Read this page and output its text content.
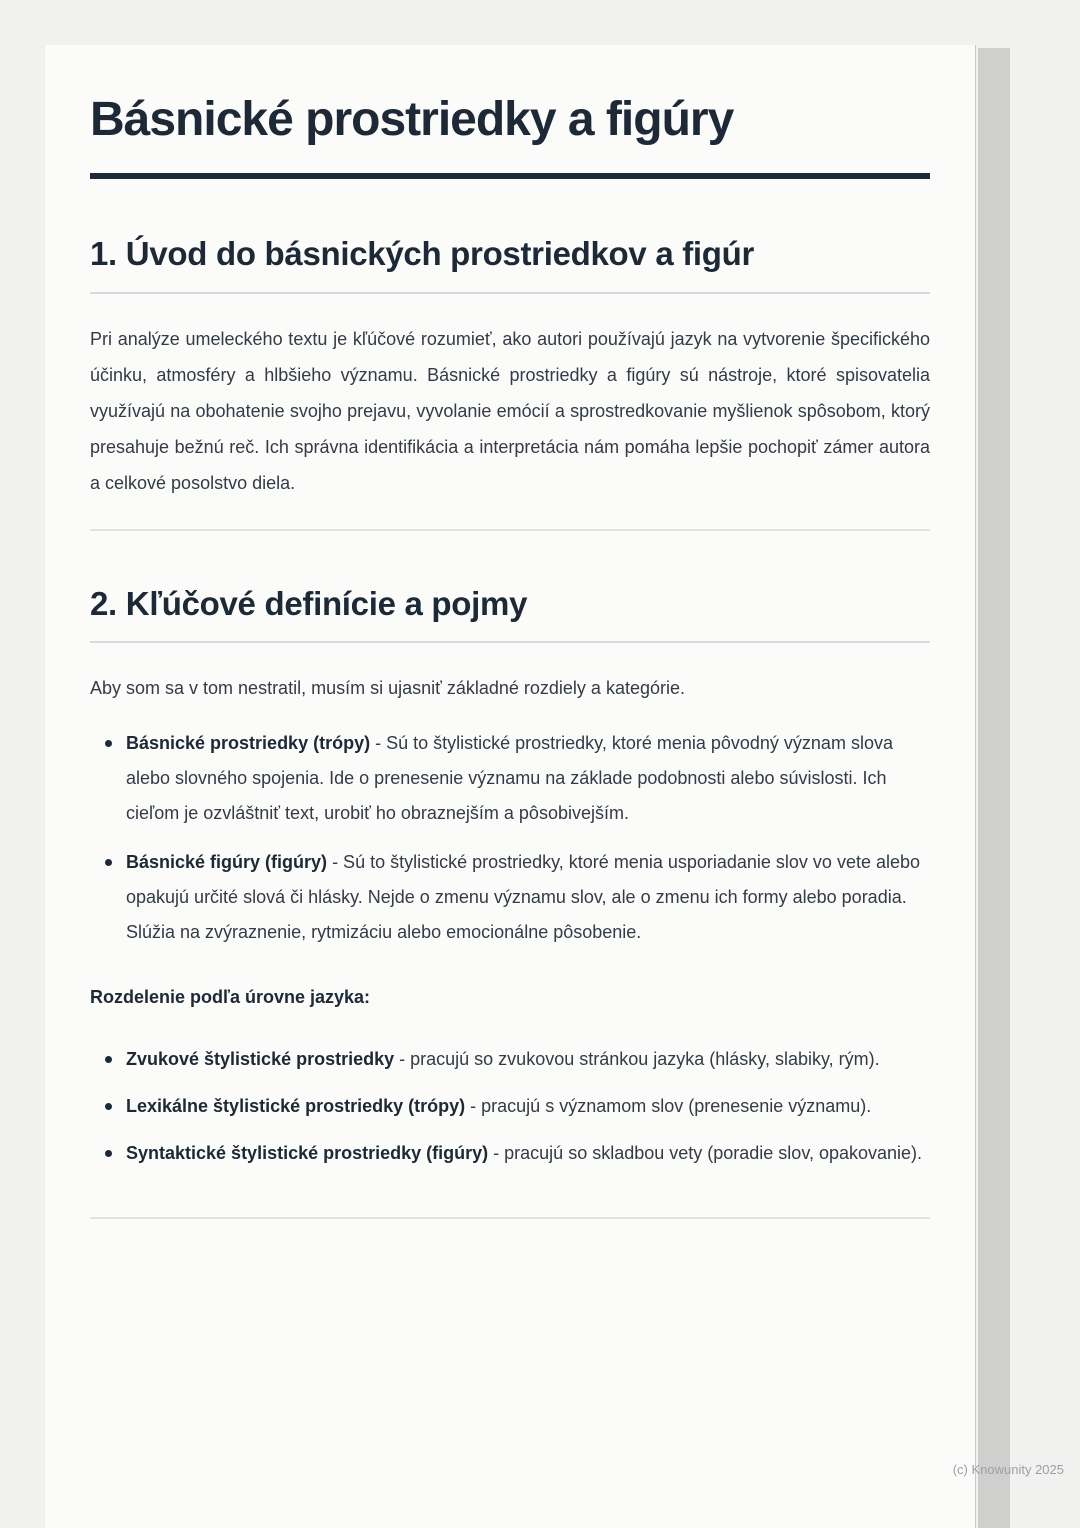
Básnické prostriedky a figúry
1. Úvod do básnických prostriedkov a figúr

Pri analýze umeleckého textu je kľúčové rozumieť, ako autori používajú jazyk na vytvorenie špecifického účinku, atmosféry a hlbšieho významu. Básnické prostriedky a figúry sú nástroje, ktoré spisovatelia využívajú na obohatenie svojho prejavu, vyvolanie emócií a sprostredkovanie myšlienok spôsobom, ktorý presahuje bežnú reč. Ich správna identifikácia a interpretácia nám pomáha lepšie pochopiť zámer autora a celkové posolstvo diela.

2. Kľúčové definície a pojmy

Aby som sa v tom nestratil, musím si ujasniť základné rozdiely a kategórie.

Básnické prostriedky (trópy) - Sú to štylistické prostriedky, ktoré menia pôvodný význam slova alebo slovného spojenia. Ide o prenesenie významu na základe podobnosti alebo súvislosti. Ich cieľom je ozvláštniť text, urobiť ho obraznejším a pôsobivejším.
Básnické figúry (figúry) - Sú to štylistické prostriedky, ktoré menia usporiadanie slov vo vete alebo opakujú určité slová či hlásky. Nejde o zmenu významu slov, ale o zmenu ich formy alebo poradia. Slúžia na zvýraznenie, rytmizáciu alebo emocionálne pôsobenie.

Rozdelenie podľa úrovne jazyka:

Zvukové štylistické prostriedky - pracujú so zvukovou stránkou jazyka (hlásky, slabiky, rým).
Lexikálne štylistické prostriedky (trópy) - pracujú s významom slov (prenesenie významu).
Syntaktické štylistické prostriedky (figúry) - pracujú so skladbou vety (poradie slov, opakovanie).
(c) Knowunity 2025
